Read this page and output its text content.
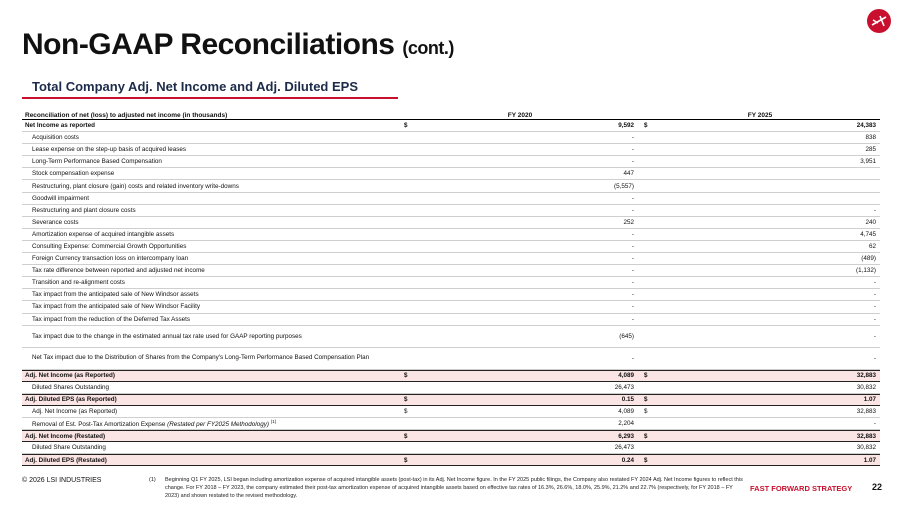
Non-GAAP Reconciliations (cont.)
Total Company Adj. Net Income and Adj. Diluted EPS
Reconciliation of net (loss) to adjusted net income (in thousands)	FY 2020	FY 2025
Net Income as reported	$	9,592	$	24,383
Acquisition costs	-	838
Lease expense on the step-up basis of acquired leases	-	285
Long-Term Performance Based Compensation	-	3,951
Stock compensation expense	447
Restructuring, plant closure (gain) costs and related inventory write-downs	(5,557)
Goodwill impairment	-
Restructuring and plant closure costs	-	-
Severance costs	252	240
Amortization expense of acquired intangible assets	-	4,745
Consulting Expense: Commercial Growth Opportunities	-	62
Foreign Currency transaction loss on intercompany loan	-	(489)
Tax rate difference between reported and adjusted net income	-	(1,132)
Transition and re-alignment costs	-	-
Tax impact from the anticipated sale of New Windsor assets	-	-
Tax impact from the anticipated sale of New Windsor Facility	-	-
Tax impact from the reduction of the Deferred Tax Assets	-	-
Tax impact due to the change in the estimated annual tax rate used for GAAP reporting purposes	(645)	-
Net Tax impact due to the Distribution of Shares from the Company's Long-Term Performance Based Compensation Plan	-	-
Adj. Net Income (as Reported)	$	4,089	$	32,883
Diluted Shares Outstanding	26,473	30,832
Adj. Diluted EPS (as Reported)	$	0.15	$	1.07
Adj. Net Income (as Reported)	$	4,089	$	32,883
Removal of Est. Post-Tax Amortization Expense (Restated per FY2025 Methodology) $^{(1)}$	2,204	-
Adj. Net Income (Restated)	$	6,293	$	32,883
Diluted Share Outstanding	26,473	30,832
Adj. Diluted EPS (Restated)	$	0.24	$	1.07
© 2026 LSI INDUSTRIES	(1) Beginning Q1 FY 2025, LSI began including amortization expense of acquired intangible assets (post-tax) in its Adj. Net Income figure. In the FY 2025 public filings, the Company also restated FY 2024 Adj. Net Income figures to reflect this change. For FY 2018 – FY 2023, the company estimated their post-tax amortization expense of acquired intangible assets based on effective tax rates of 16.3%, 26.6%, 18.0%, 25.9%, 21.2% and 22.7% (respectively, for FY 2018 – FY 2023) and shown restated to the revised methodology.
FAST FORWARD STRATEGY 22
